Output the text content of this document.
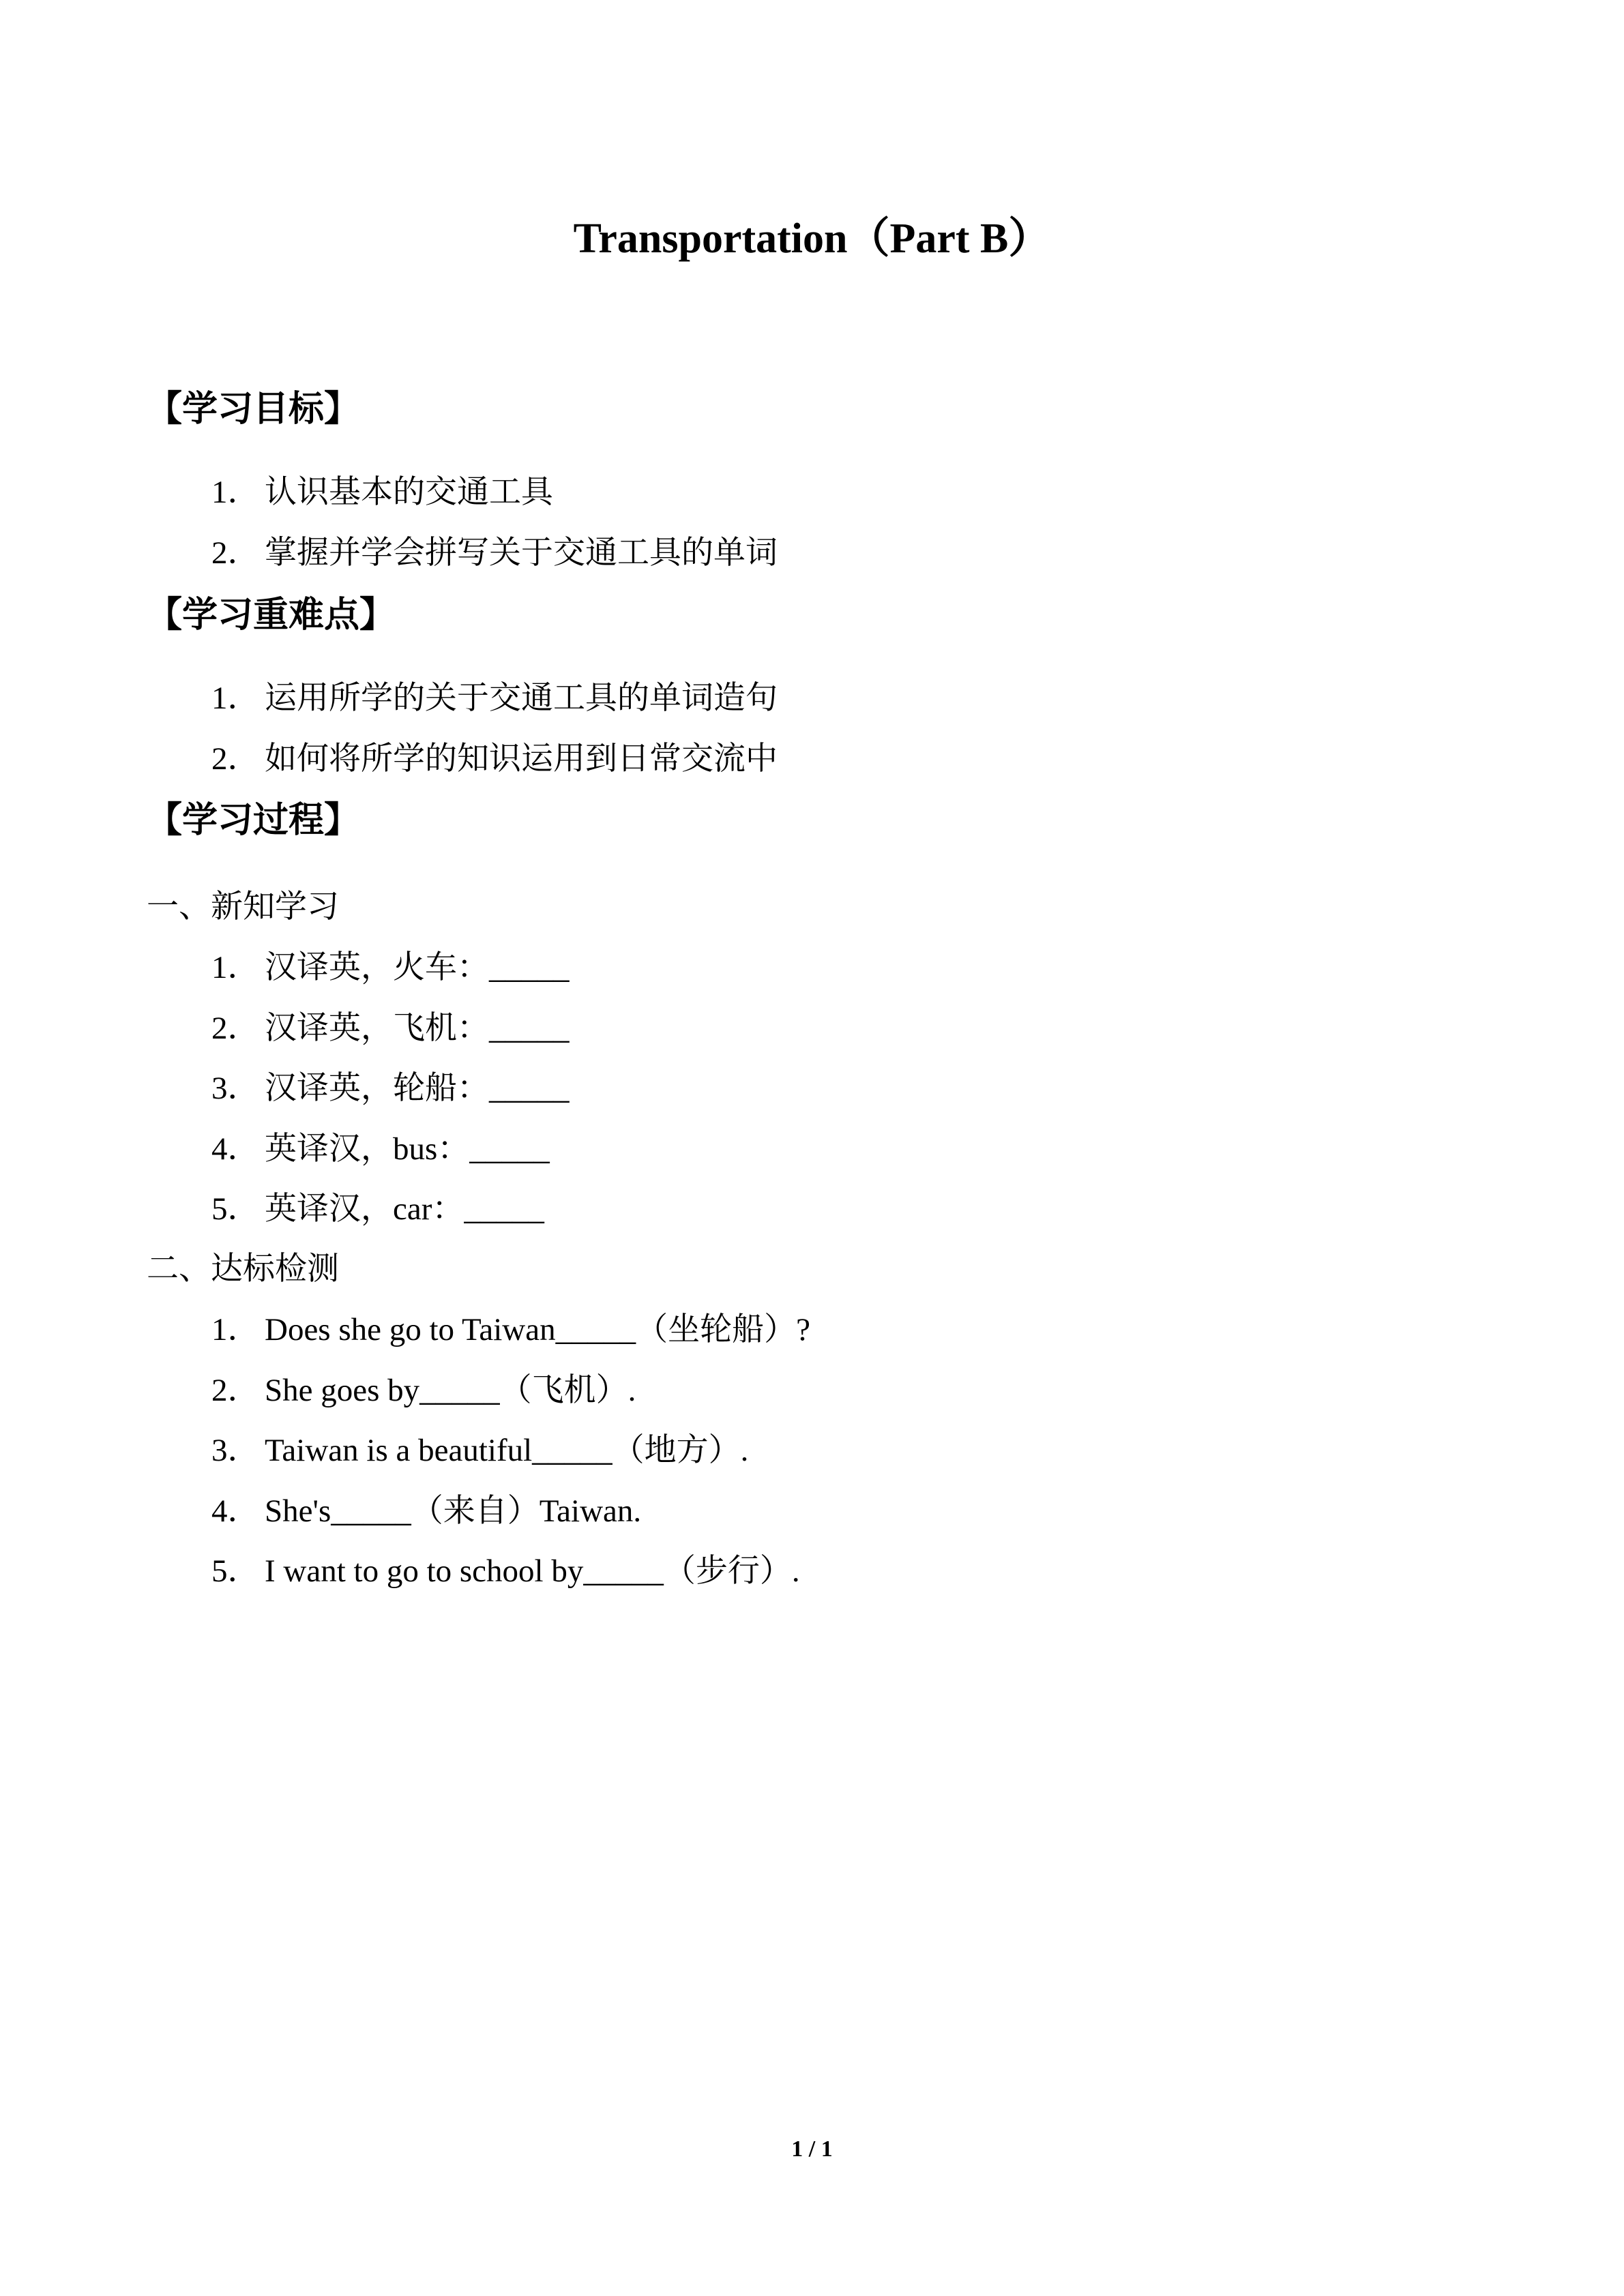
Transportation（Part B）
【学习目标】
1． 认识基本的交通工具
2． 掌握并学会拼写关于交通工具的单词
【学习重难点】
1． 运用所学的关于交通工具的单词造句
2． 如何将所学的知识运用到日常交流中
【学习过程】
一、新知学习
1． 汉译英，火车：_____
2． 汉译英，飞机：_____
3． 汉译英，轮船：_____
4． 英译汉，bus：_____
5． 英译汉，car：_____
二、达标检测
1． Does she go to Taiwan_____（坐轮船）?
2． She goes by_____（飞机）.
3． Taiwan is a beautiful_____（地方）.
4． She's_____（来自）Taiwan.
5． I want to go to school by_____（步行）.
1 / 1
